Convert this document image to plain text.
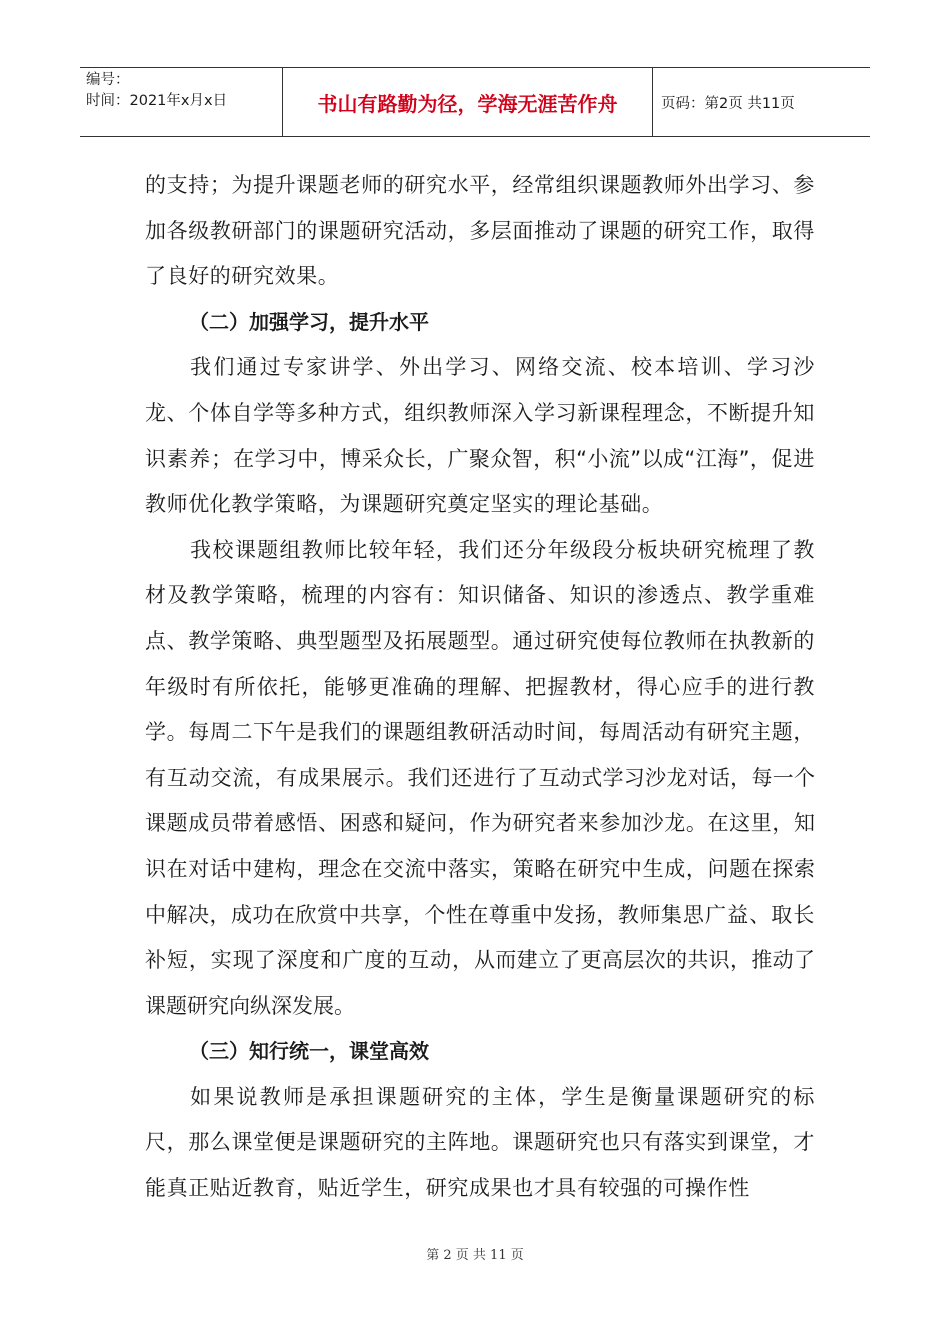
编号：
时间：2021年x月x日	书山有路勤为径，学海无涯苦作舟	页码：第2页 共11页

的支持；为提升课题老师的研究水平，经常组织课题教师外出学习、参加各级教研部门的课题研究活动，多层面推动了课题的研究工作，取得了良好的研究效果。

（二）加强学习，提升水平

我们通过专家讲学、外出学习、网络交流、校本培训、学习沙龙、个体自学等多种方式，组织教师深入学习新课程理念，不断提升知识素养；在学习中，博采众长，广聚众智，积“小流”以成“江海”，促进教师优化教学策略，为课题研究奠定坚实的理论基础。

我校课题组教师比较年轻，我们还分年级段分板块研究梳理了教材及教学策略，梳理的内容有：知识储备、知识的渗透点、教学重难点、教学策略、典型题型及拓展题型。通过研究使每位教师在执教新的年级时有所依托，能够更准确的理解、把握教材，得心应手的进行教学。每周二下午是我们的课题组教研活动时间，每周活动有研究主题，有互动交流，有成果展示。我们还进行了互动式学习沙龙对话，每一个课题成员带着感悟、困惑和疑问，作为研究者来参加沙龙。在这里，知识在对话中建构，理念在交流中落实，策略在研究中生成，问题在探索中解决，成功在欣赏中共享，个性在尊重中发扬，教师集思广益、取长补短，实现了深度和广度的互动，从而建立了更高层次的共识，推动了课题研究向纵深发展。

（三）知行统一，课堂高效

如果说教师是承担课题研究的主体，学生是衡量课题研究的标尺，那么课堂便是课题研究的主阵地。课题研究也只有落实到课堂，才能真正贴近教育，贴近学生，研究成果也才具有较强的可操作性

第 2 页 共 11 页
